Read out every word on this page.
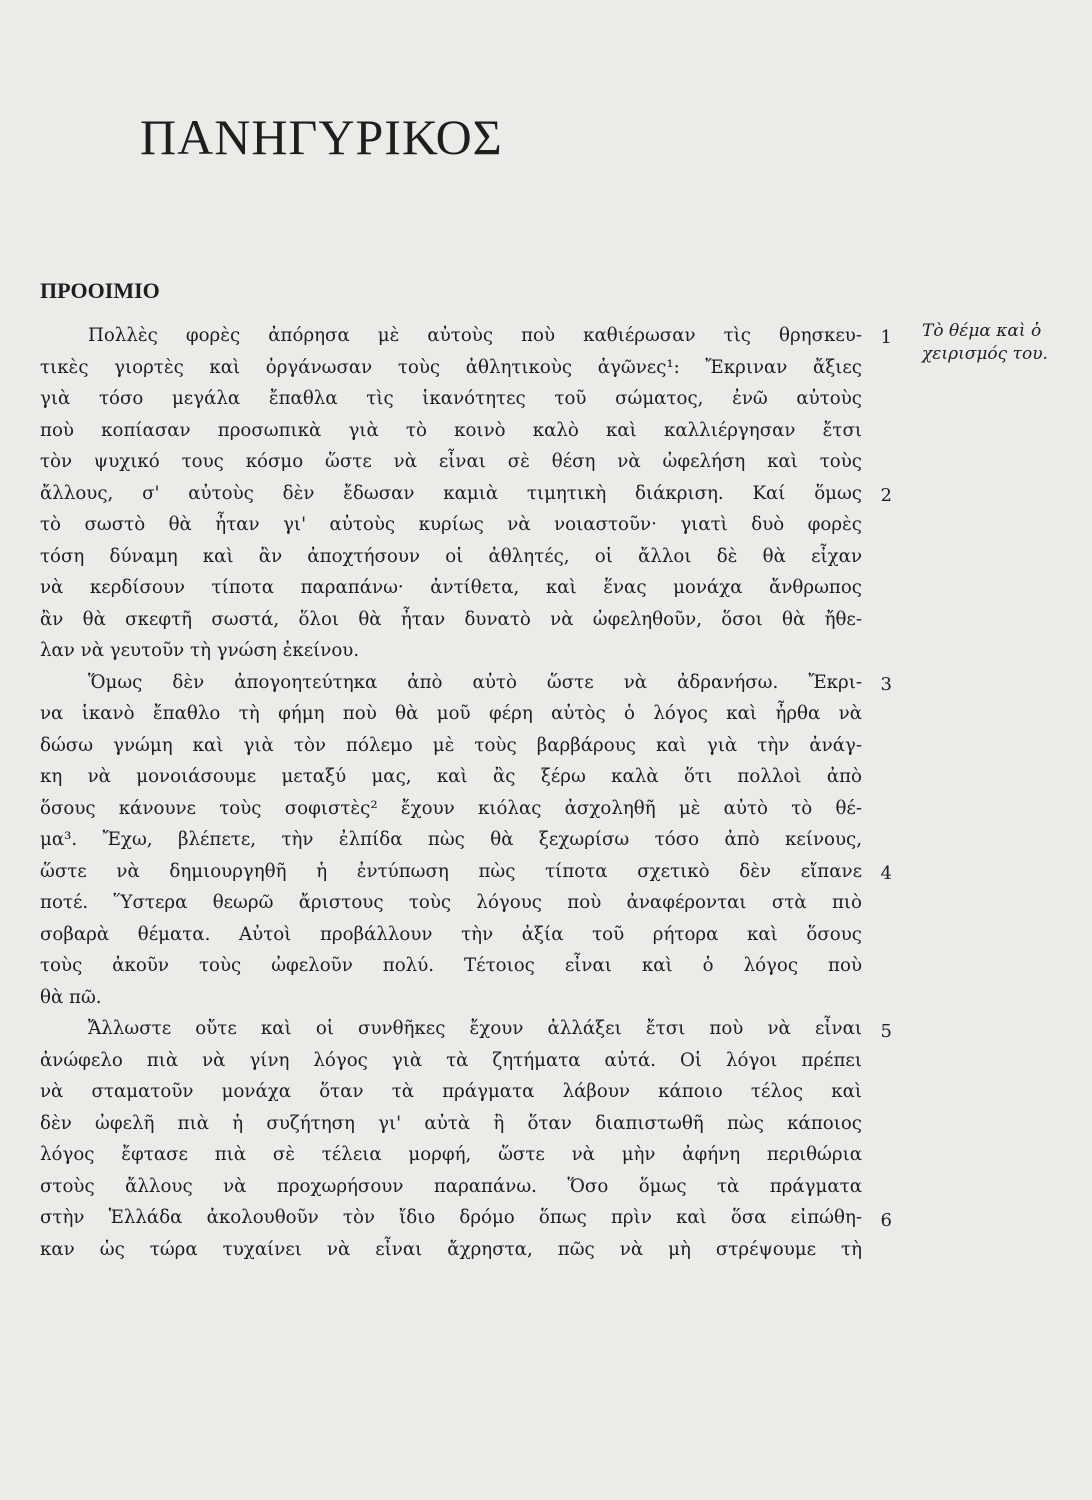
ΠΑΝΗΓΥΡΙΚΟΣ
ΠΡΟΟΙΜΙΟ
Πολλὲς φορὲς ἀπόρησα μὲ αὐτοὺς ποὺ καθιέρωσαν τὶς θρησκευ-
τικὲς γιορτὲς καὶ ὀργάνωσαν τοὺς ἀθλητικοὺς ἀγῶνες¹: Ἔκριναν ἄξιες
γιὰ τόσο μεγάλα ἔπαθλα τὶς ἱκανότητες τοῦ σώματος, ἐνῶ αὐτοὺς
ποὺ κοπίασαν προσωπικὰ γιὰ τὸ κοινὸ καλὸ καὶ καλλιέργησαν ἔτσι
τὸν ψυχικό τους κόσμο ὥστε νὰ εἶναι σὲ θέση νὰ ὠφελήση καὶ τοὺς
ἄλλους, σ' αὐτοὺς δὲν ἔδωσαν καμιὰ τιμητικὴ διάκριση. Καί ὅμως
τὸ σωστὸ θὰ ἦταν γι' αὐτοὺς κυρίως νὰ νοιαστοῦν· γιατὶ δυὸ φορὲς
τόση δύναμη καὶ ἂν ἀποχτήσουν οἱ ἀθλητές, οἱ ἄλλοι δὲ θὰ εἶχαν
νὰ κερδίσουν τίποτα παραπάνω· ἀντίθετα, καὶ ἕνας μονάχα ἄνθρωπος
ἂν θὰ σκεφτῆ σωστά, ὅλοι θὰ ἦταν δυνατὸ νὰ ὠφεληθοῦν, ὅσοι θὰ ἤθε-
λαν νὰ γευτοῦν τὴ γνώση ἐκείνου.
Ὅμως δὲν ἀπογοητεύτηκα ἀπὸ αὐτὸ ὥστε νὰ ἀδρανήσω. Ἔκρι-
να ἱκανὸ ἔπαθλο τὴ φήμη ποὺ θὰ μοῦ φέρη αὐτὸς ὁ λόγος καὶ ἦρθα νὰ
δώσω γνώμη καὶ γιὰ τὸν πόλεμο μὲ τοὺς βαρβάρους καὶ γιὰ τὴν ἀνάγ-
κη νὰ μονοιάσουμε μεταξύ μας, καὶ ἂς ξέρω καλὰ ὅτι πολλοὶ ἀπὸ
ὅσους κάνουνε τοὺς σοφιστὲς² ἔχουν κιόλας ἀσχοληθῆ μὲ αὐτὸ τὸ θέ-
μα³. Ἔχω, βλέπετε, τὴν ἐλπίδα πὼς θὰ ξεχωρίσω τόσο ἀπὸ κείνους,
ὥστε νὰ δημιουργηθῆ ἡ ἐντύπωση πὼς τίποτα σχετικὸ δὲν εἴπανε
ποτέ. Ὕστερα θεωρῶ ἄριστους τοὺς λόγους ποὺ ἀναφέρονται στὰ πιὸ
σοβαρὰ θέματα. Αὐτοὶ προβάλλουν τὴν ἀξία τοῦ ρήτορα καὶ ὅσους
τοὺς ἀκοῦν τοὺς ὠφελοῦν πολύ. Τέτοιος εἶναι καὶ ὁ λόγος ποὺ
θὰ πῶ.
Ἄλλωστε οὔτε καὶ οἱ συνθῆκες ἔχουν ἀλλάξει ἔτσι ποὺ νὰ εἶναι
ἀνώφελο πιὰ νὰ γίνη λόγος γιὰ τὰ ζητήματα αὐτά. Οἱ λόγοι πρέπει
νὰ σταματοῦν μονάχα ὅταν τὰ πράγματα λάβουν κάποιο τέλος καὶ
δὲν ὠφελῆ πιὰ ἡ συζήτηση γι' αὐτὰ ἢ ὅταν διαπιστωθῆ πὼς κάποιος
λόγος ἔφτασε πιὰ σὲ τέλεια μορφή, ὥστε νὰ μὴν ἀφήνη περιθώρια
στοὺς ἄλλους νὰ προχωρήσουν παραπάνω. Ὅσο ὅμως τὰ πράγματα
στὴν Ἑλλάδα ἀκολουθοῦν τὸν ἴδιο δρόμο ὅπως πρὶν καὶ ὅσα εἰπώθη-
καν ὡς τώρα τυχαίνει νὰ εἶναι ἄχρηστα, πῶς νὰ μὴ στρέψουμε τὴ
1
2
3
4
5
6
Τὸ θέμα καὶ ὁ
χειρισμός του.
